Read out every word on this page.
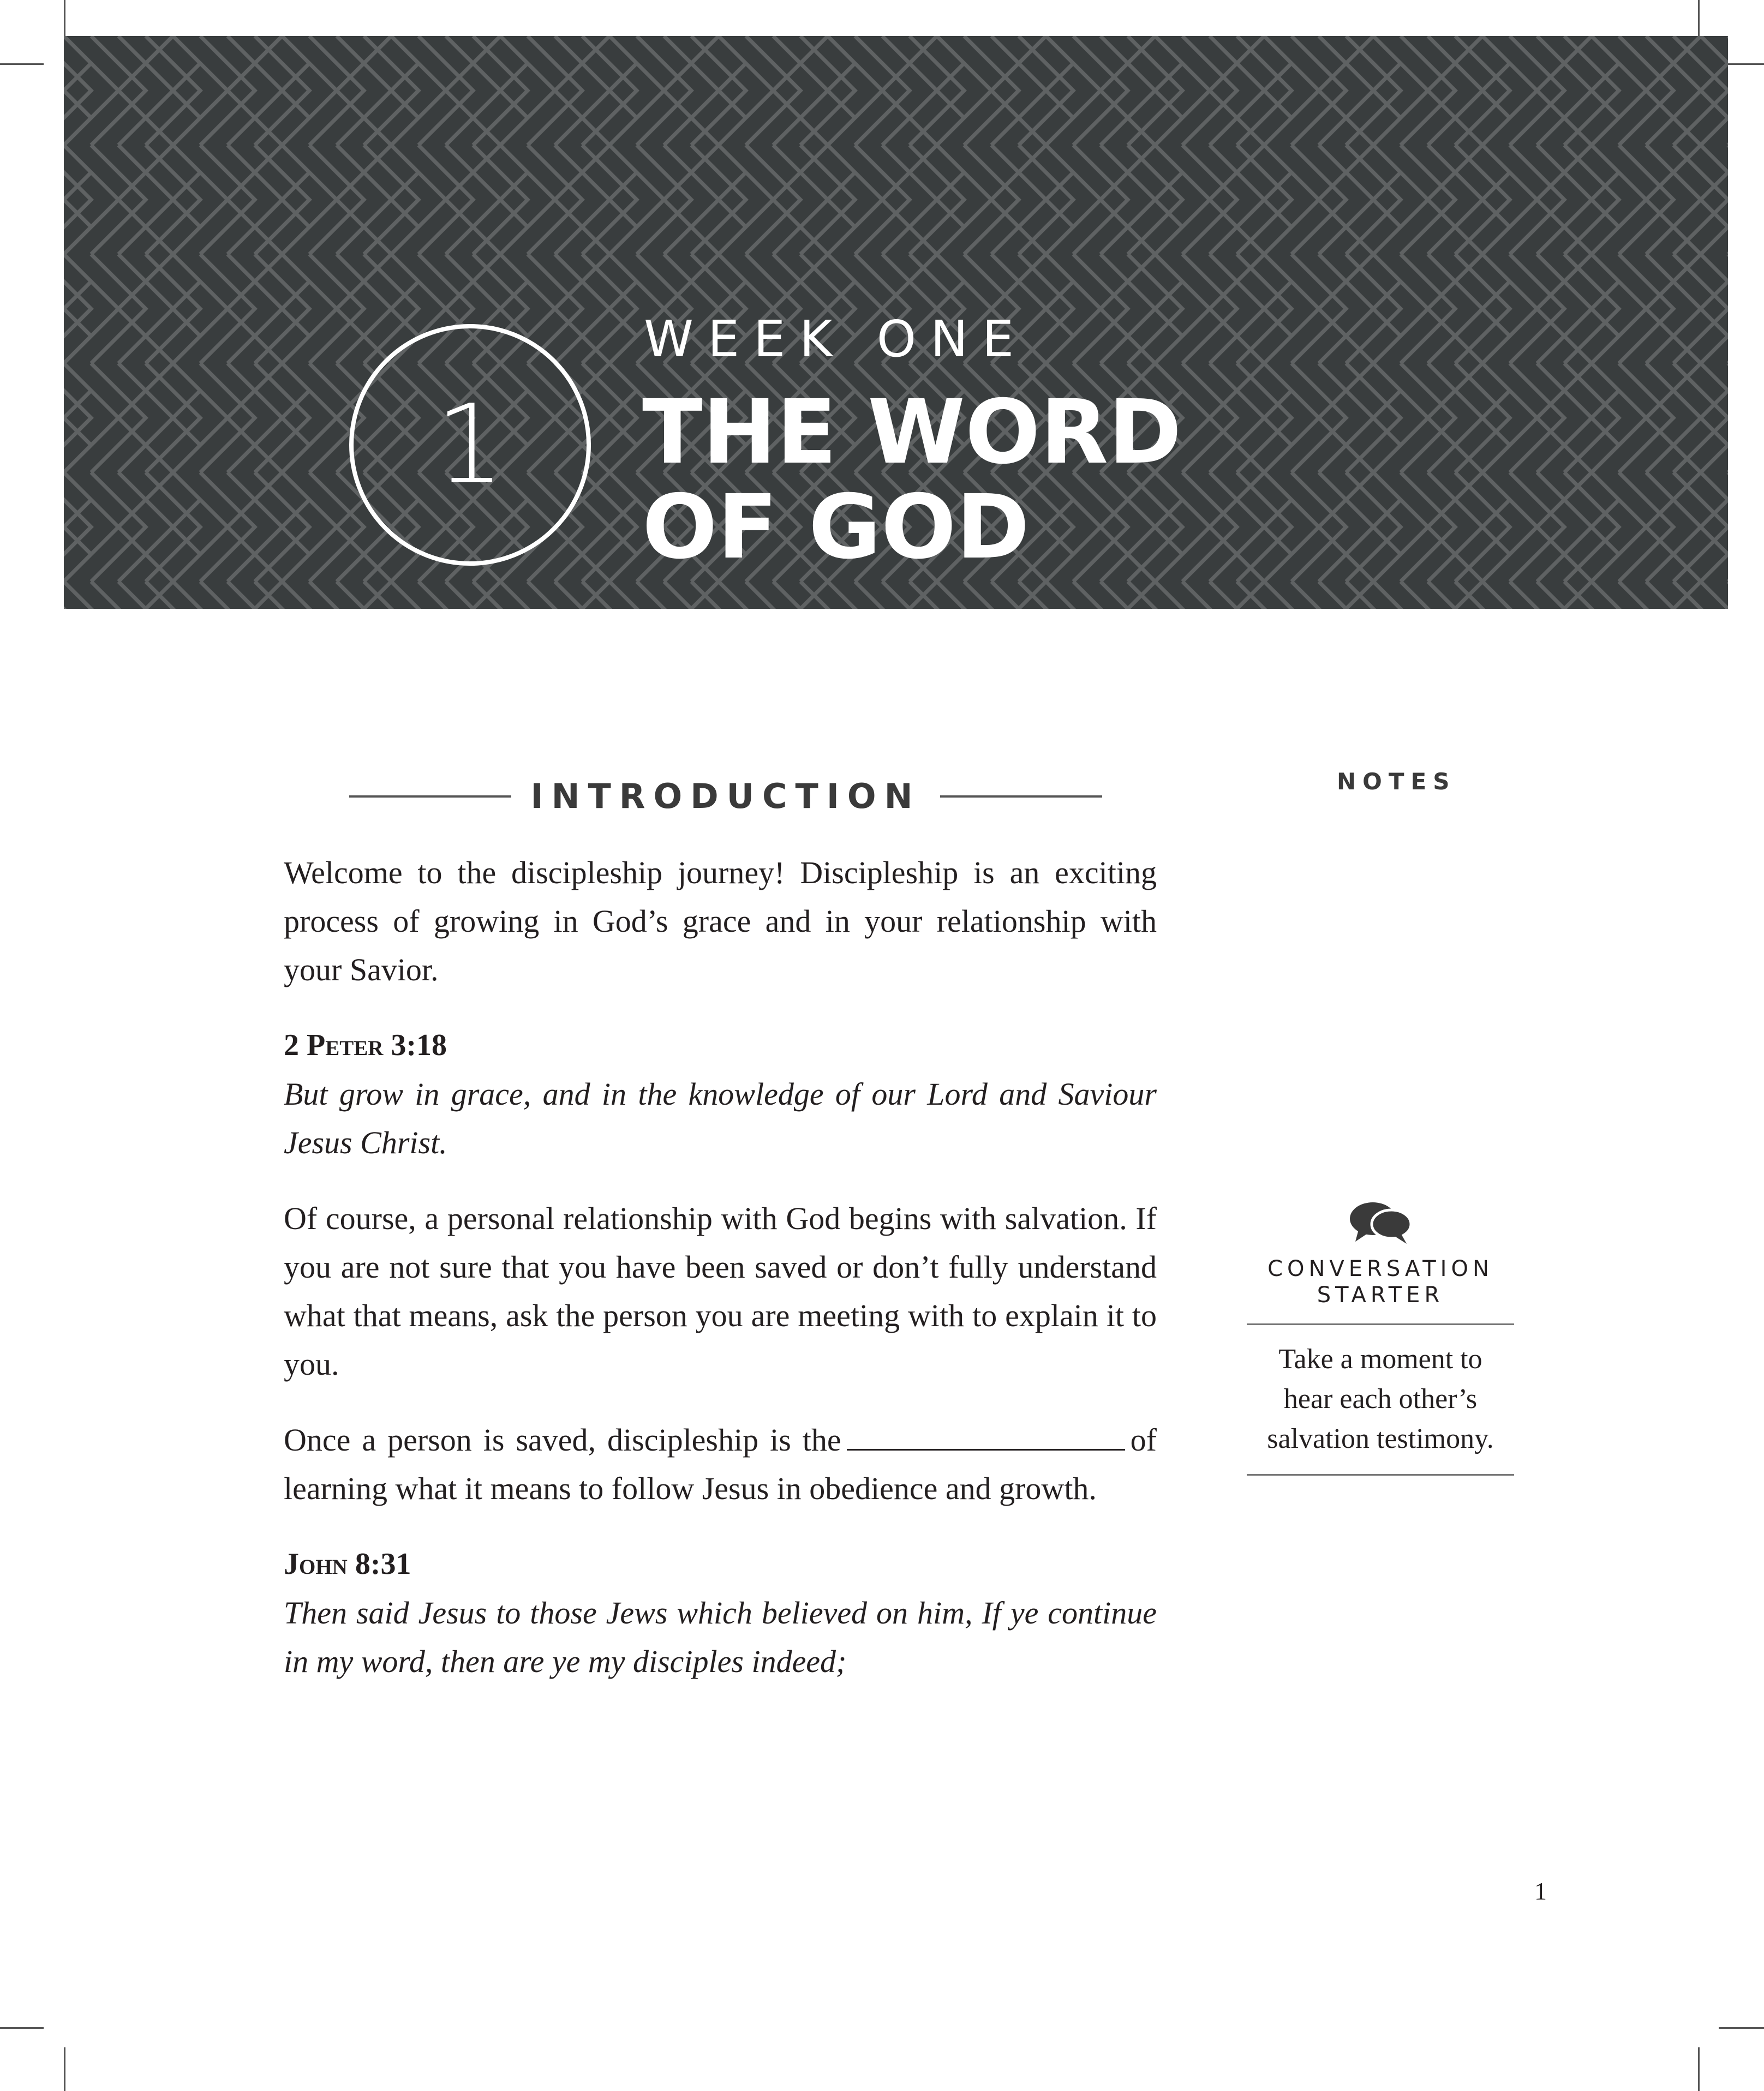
1
WEEK ONE
THE WORD
OF GOD
INTRODUCTION

Welcome to the discipleship journey! Discipleship is an exciting process of growing in God’s grace and in your relationship with your Savior.

2 Peter 3:18

But grow in grace, and in the knowledge of our Lord and Saviour Jesus Christ.

Of course, a personal relationship with God begins with salvation. If you are not sure that you have been saved or don’t fully understand what that means, ask the person you are meeting with to explain it to you.

Once a person is saved, discipleship is the	of learning what it means to follow Jesus in obedience and growth.

John 8:31

Then said Jesus to those Jews which believed on him, If ye continue in my word, then are ye my disciples indeed;

NOTES
CONVERSATION
STARTER
Take a moment to
hear each other’s
salvation testimony.
1
